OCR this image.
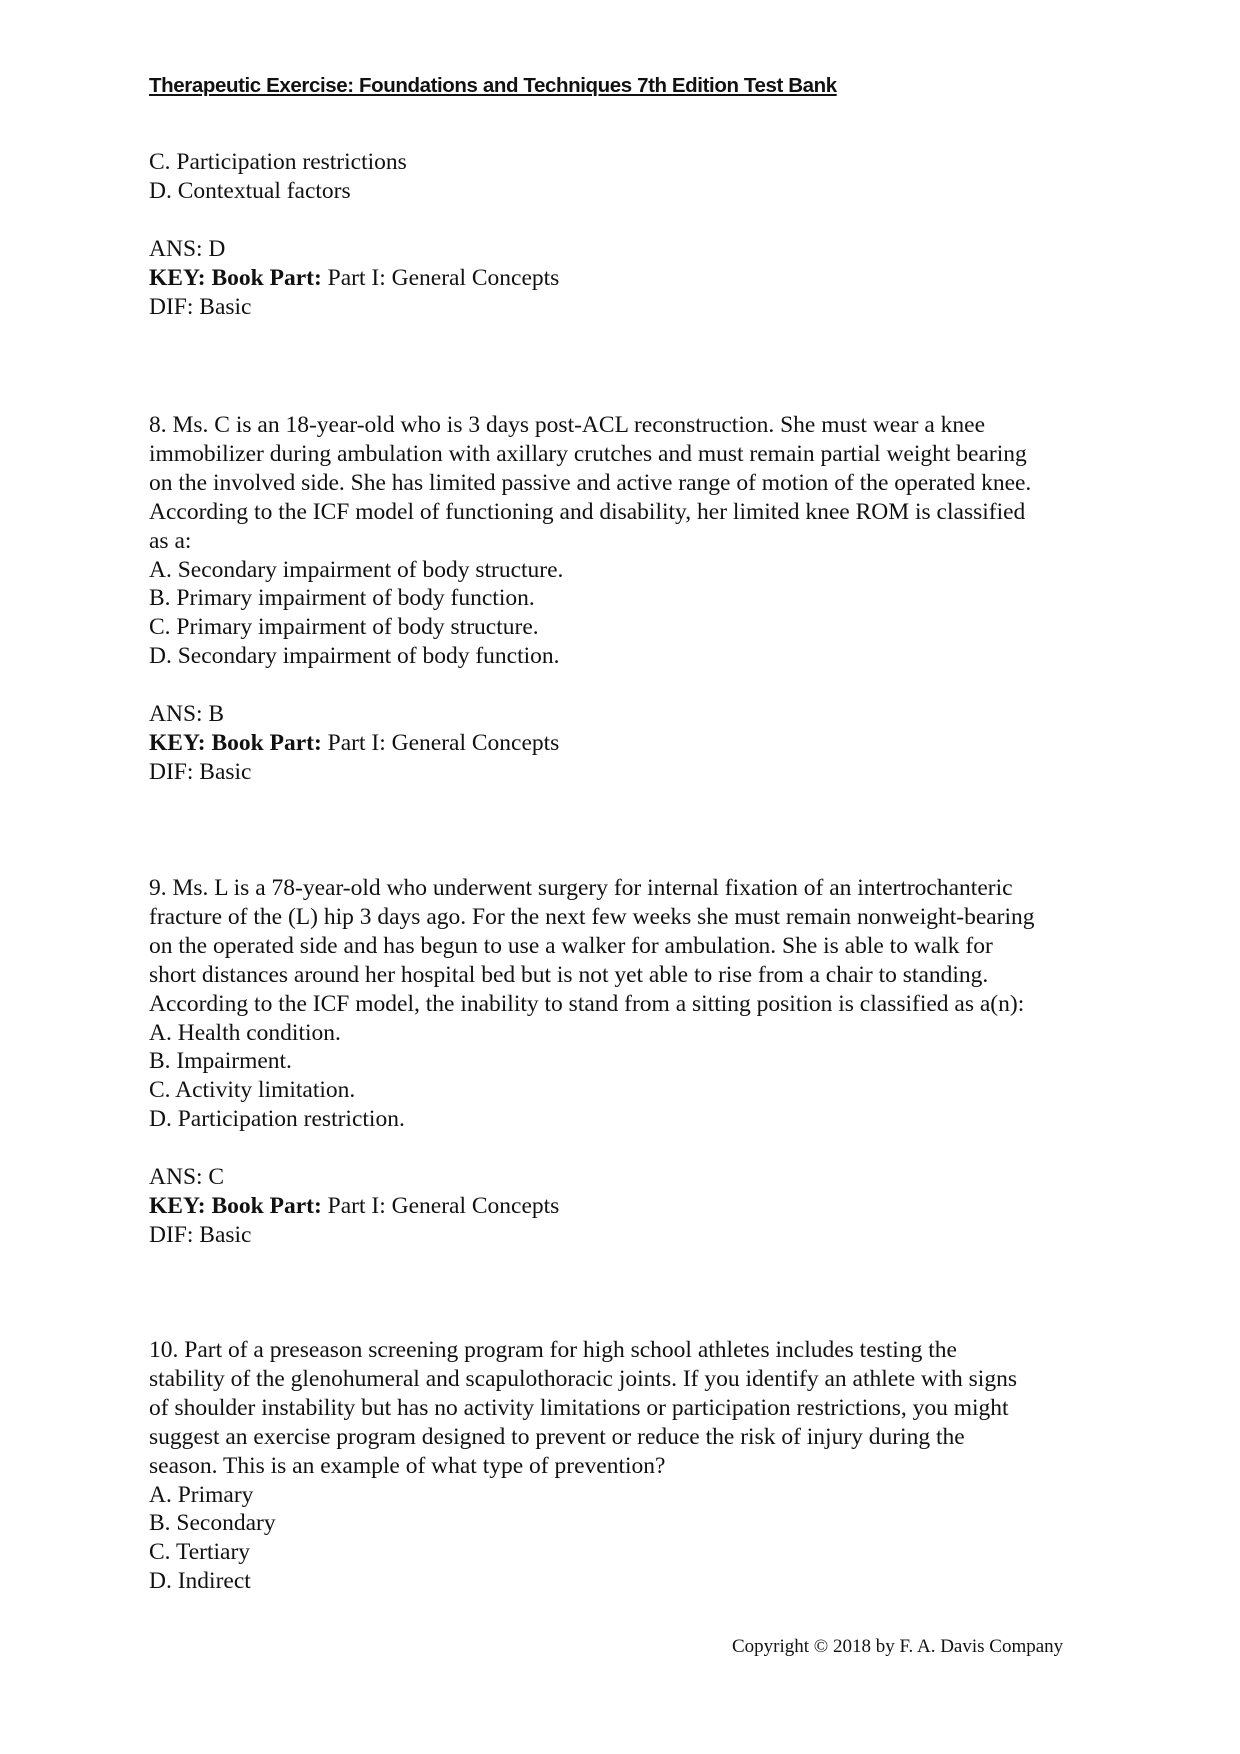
Therapeutic Exercise: Foundations and Techniques 7th Edition Test Bank
C. Participation restrictions
D. Contextual factors

ANS: D
KEY: Book Part: Part I: General Concepts
DIF: Basic
8. Ms. C is an 18-year-old who is 3 days post-ACL reconstruction. She must wear a knee
immobilizer during ambulation with axillary crutches and must remain partial weight bearing
on the involved side. She has limited passive and active range of motion of the operated knee.
According to the ICF model of functioning and disability, her limited knee ROM is classified
as a:
A. Secondary impairment of body structure.
B. Primary impairment of body function.
C. Primary impairment of body structure.
D. Secondary impairment of body function.

ANS: B
KEY: Book Part: Part I: General Concepts
DIF: Basic
9. Ms. L is a 78-year-old who underwent surgery for internal fixation of an intertrochanteric
fracture of the (L) hip 3 days ago. For the next few weeks she must remain nonweight-bearing
on the operated side and has begun to use a walker for ambulation. She is able to walk for
short distances around her hospital bed but is not yet able to rise from a chair to standing.
According to the ICF model, the inability to stand from a sitting position is classified as a(n):
A. Health condition.
B. Impairment.
C. Activity limitation.
D. Participation restriction.

ANS: C
KEY: Book Part: Part I: General Concepts
DIF: Basic
10. Part of a preseason screening program for high school athletes includes testing the
stability of the glenohumeral and scapulothoracic joints. If you identify an athlete with signs
of shoulder instability but has no activity limitations or participation restrictions, you might
suggest an exercise program designed to prevent or reduce the risk of injury during the
season. This is an example of what type of prevention?
A. Primary
B. Secondary
C. Tertiary
D. Indirect
Copyright © 2018 by F. A. Davis Company
